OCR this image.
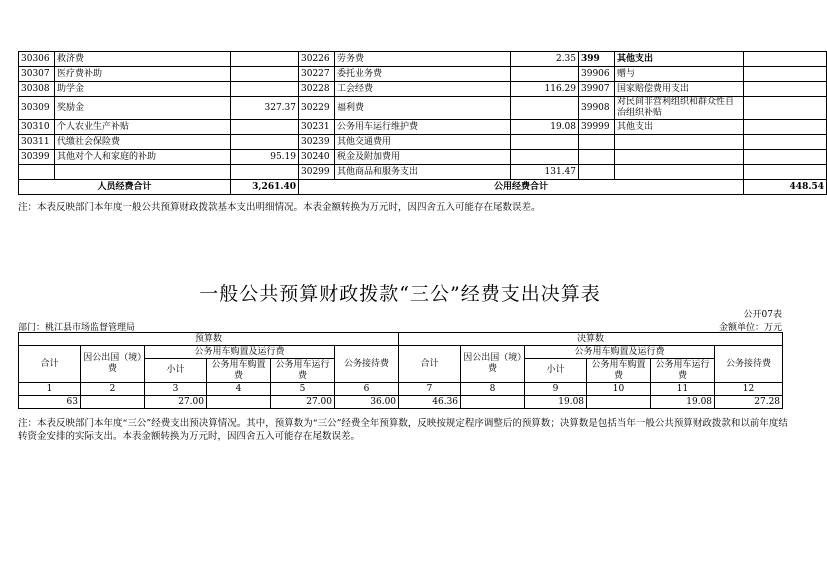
30306	救济费		30226	劳务费	2.35	399	其他支出	
30307	医疗费补助		30227	委托业务费		39906	赠与	
30308	助学金		30228	工会经费	116.29	39907	国家赔偿费用支出	
30309	奖励金	327.37	30229	福利费		39908	对民间非营利组织和群众性自治组织补贴	
30310	个人农业生产补贴		30231	公务用车运行维护费	19.08	39999	其他支出	
30311	代缴社会保险费		30239	其他交通费用				
30399	其他对个人和家庭的补助	95.19	30240	税金及附加费用				
			30299	其他商品和服务支出	131.47			
人员经费合计		3,261.40	公用经费合计					448.54
注：本表反映部门本年度一般公共预算财政拨款基本支出明细情况。本表金额转换为万元时，因四舍五入可能存在尾数误差。
一般公共预算财政拨款“三公”经费支出决算表
公开07表
部门：桃江县市场监督管理局	金额单位：万元
预算数						决算数					
合计	因公出国（境）费	公务用车购置及运行费			公务接待费	合计	因公出国（境）费	公务用车购置及运行费			公务接待费
		小计	公务用车购置费	公务用车运行费				小计	公务用车购置费	公务用车运行费	
1	2	3	4	5	6	7	8	9	10	11	12
63		27.00		27.00	36.00	46.36		19.08		19.08	27.28
注：本表反映部门本年度“三公”经费支出预决算情况。其中，预算数为“三公”经费全年预算数，反映按规定程序调整后的预算数；决算数是包括当年一般公共预算财政拨款和以前年度结转资金安排的实际支出。本表金额转换为万元时，因四舍五入可能存在尾数误差。
